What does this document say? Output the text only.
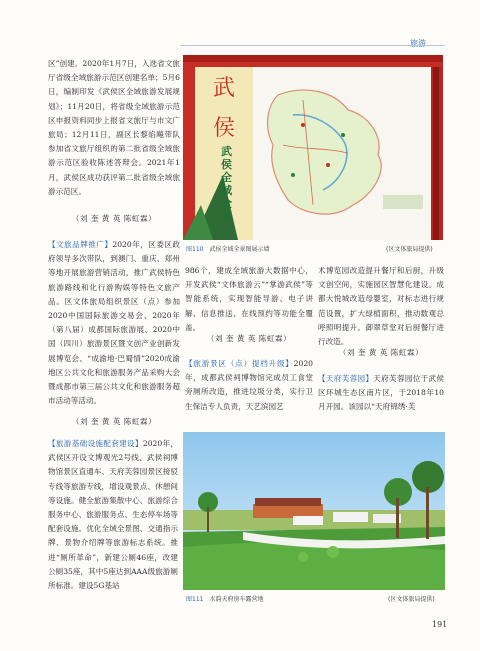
旅游

区”创建。2020年1月7日，入选省文旅厅省级全域旅游示范区创建名单；5月6日，编制印发《武侯区全域旅游发展规划》；11月20日，将省级全域旅游示范区申报资料同步上报省文旅厅与市文广旅局；12月11日，副区长黎焰飚带队参加省文旅厅组织的第二批省级全域旅游示范区验收陈述答辩会。2021年1月，武侯区成功获评第二批省级全域旅游示范区。

（刘 奎 黄 英 陈虹霖）

【文旅品牌推广】2020年，区委区政府领导多次带队，到澳门、重庆、郑州等地开展旅游营销活动，推广武侯特色旅游路线和化行游购娱等特色文旅产品。区文体旅局组织景区（点）参加2020中国国际旅游交易会、2020年（第八届）成都国际旅游展、2020中国（四川）旅游景区暨文创产业创新发展博览会、“成渝地·巴蜀情”2020成渝地区公共文化和旅游服务产品采购大会暨成都市第三届公共文化和旅游服务超市活动等活动。

（刘 奎 黄 英 陈虹霖）
武
侯
武侯全域全景
图110 武侯全域全景图展示墙	(区文体旅局提供)

986个，建成全域旅游大数据中心，开发武侯“文体旅游云”“掌游武侯”等智能系统，实现智能导游、电子讲解、信息推送、在线预约等功能全覆盖。

（刘 奎 黄 英 陈虹霖）

【旅游景区（点）提档升级】2020年，成都武侯祠博物馆完成员工食堂旁厕所改造，推进垃圾分类，实行卫生保洁专人负责，天艺滨园艺

术博览园改造提升餐厅和后厨，升级文创空间，实施园区智慧化建设。成都大悦城改造母婴室，对标志进行规范设置，扩大绿植面积，推动数观总呼照明提升。御翠草堂对后厨餐厅进行改造。

（刘 奎 黄 英 陈虹霖）

【天府芙蓉园】天府芙蓉园位于武侯区环城生态区南片区，于2018年10月开园。该园以“天府锦绣·芙

【旅游基础设施配套建设】2020年，武侯区开设文博观光2号线、武侯祠博物馆景区直通车、天府芙蓉园景区接驳专线等旅游专线，增设观景点、休憩间等设施。健全旅游集散中心、旅游综合服务中心、旅游服务点、生态停车场等配套设施。优化全域全景图、交通指示牌、景物介绍牌等旅游标志系统。推进“厕所革命”，新建公厕46座，改建公厕35座，其中5座达到AAA级旅游厕所标准。建设5G基站

图111 水韵天府房车露营地	(区文体旅局提供)
191
